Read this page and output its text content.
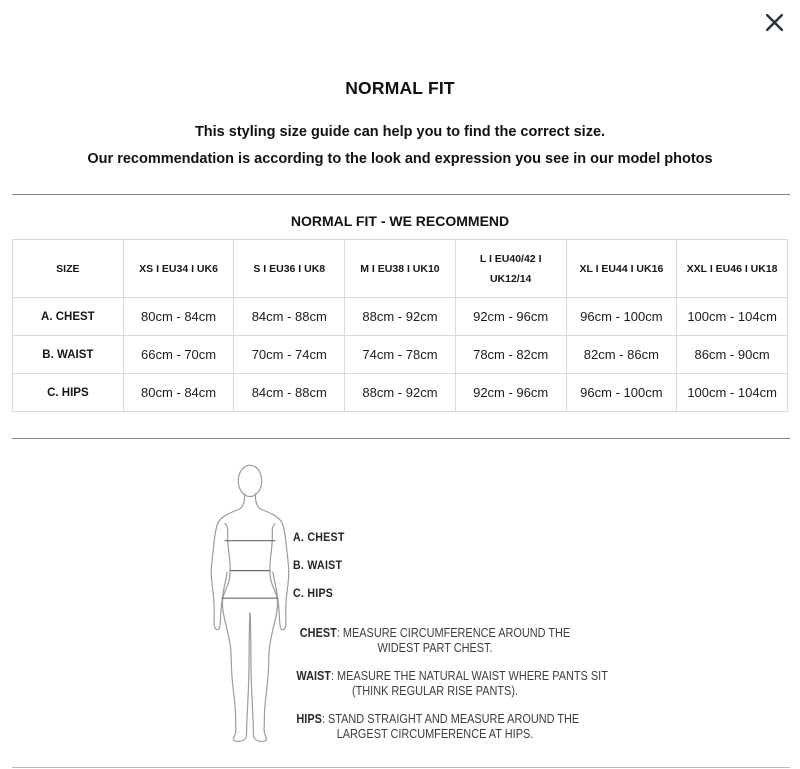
NORMAL FIT
This styling size guide can help you to find the correct size.
Our recommendation is according to the look and expression you see in our model photos
NORMAL FIT - WE RECOMMEND
SIZE	XS I EU34 I UK6	S I EU36 I UK8	M I EU38 I UK10	L I EU40/42 I UK12/14	XL I EU44 I UK16	XXL I EU46 I UK18
A. CHEST	80cm - 84cm	84cm - 88cm	88cm - 92cm	92cm - 96cm	96cm - 100cm	100cm - 104cm
B. WAIST	66cm - 70cm	70cm - 74cm	74cm - 78cm	78cm - 82cm	82cm - 86cm	86cm - 90cm
C. HIPS	80cm - 84cm	84cm - 88cm	88cm - 92cm	92cm - 96cm	96cm - 100cm	100cm - 104cm
A. CHEST
B. WAIST
C. HIPS
CHEST: MEASURE CIRCUMFERENCE AROUND THE
WIDEST PART CHEST.
WAIST: MEASURE THE NATURAL WAIST WHERE PANTS SIT
(THINK REGULAR RISE PANTS).
HIPS: STAND STRAIGHT AND MEASURE AROUND THE
LARGEST CIRCUMFERENCE AT HIPS.
